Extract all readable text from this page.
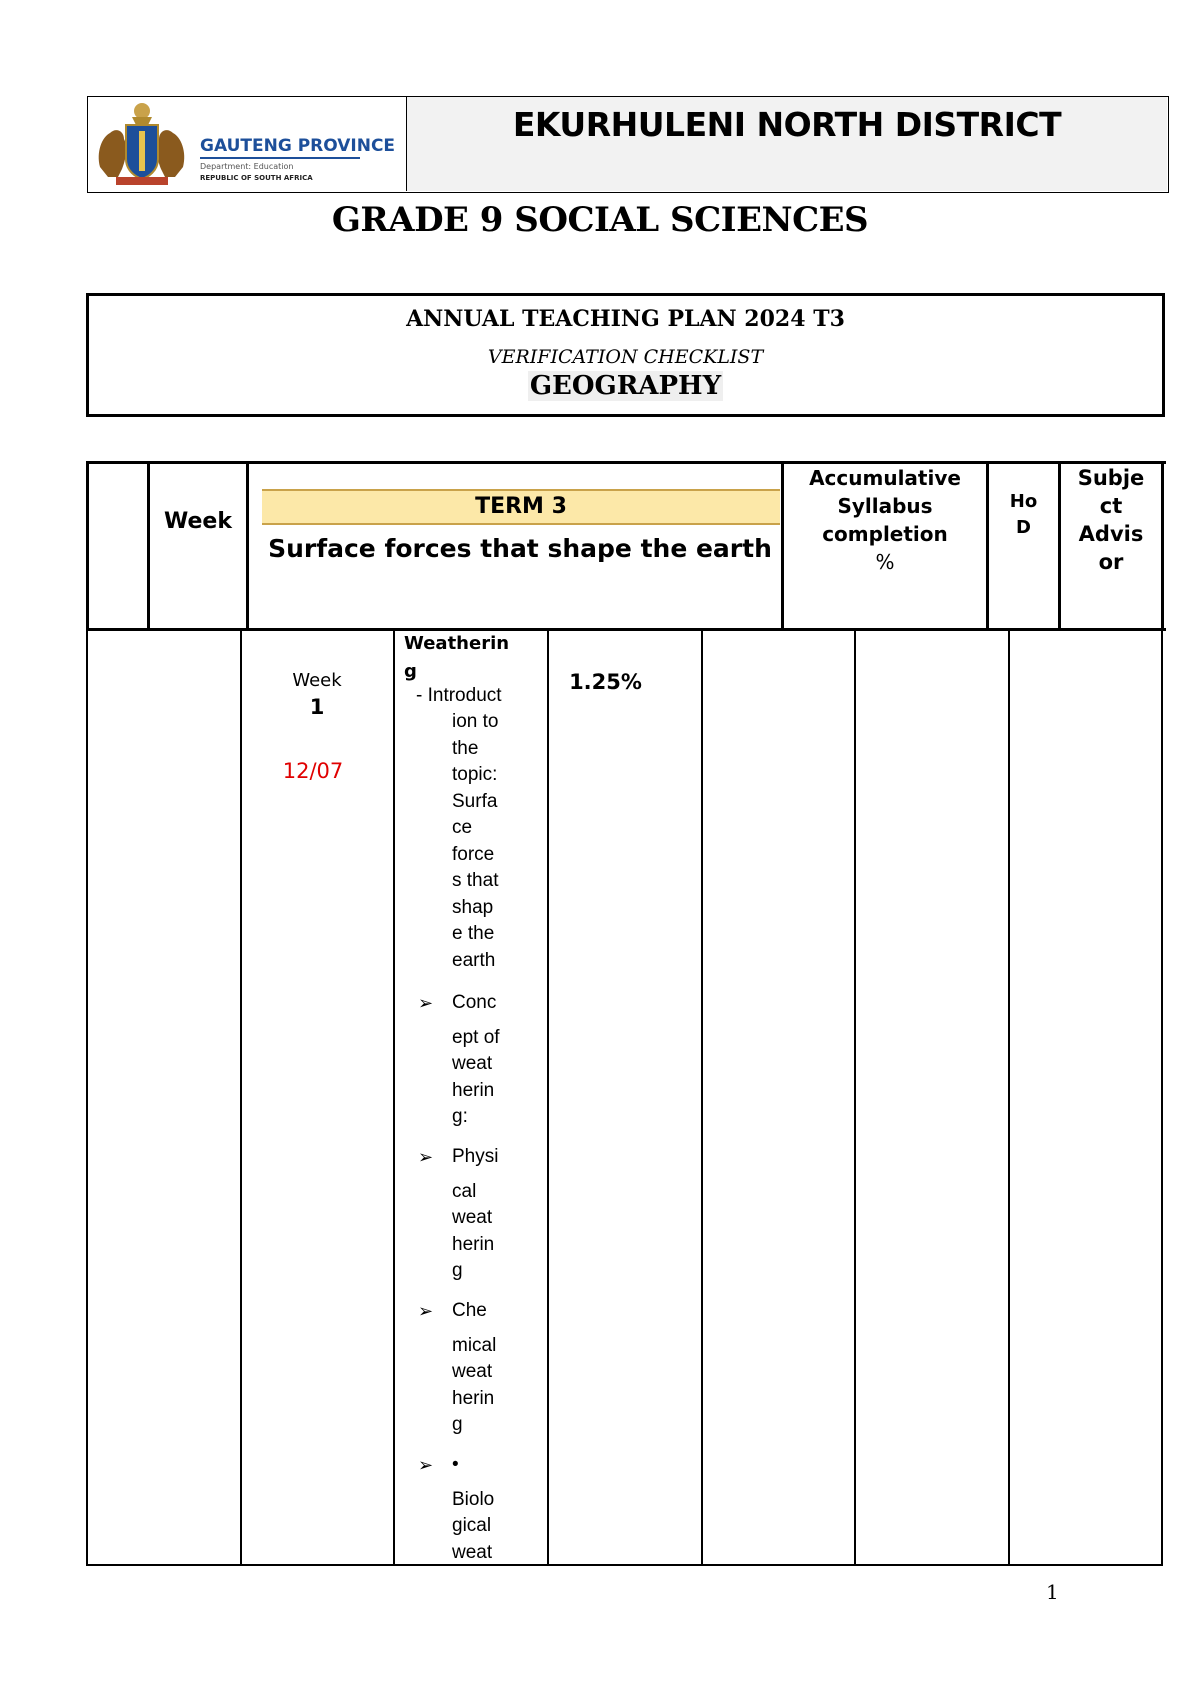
GAUTENG PROVINCE
Department: Education
REPUBLIC OF SOUTH AFRICA
EKURHULENI NORTH DISTRICT
GRADE 9 SOCIAL SCIENCES
ANNUAL TEACHING PLAN 2024 T3
VERIFICATION CHECKLIST
GEOGRAPHY
Week
TERM 3
Surface forces that shape the earth
Accumulative
Syllabus
completion
%
Ho
D
Subje
ct
Advis
or
Week
1
12/07
Weatherin
g
- Introduct
ion to
the
topic:
Surfa
ce
force
s that
shap
e the
earth
➢ Conc
ept of
weat
herin
g:
➢ Physi
cal
weat
herin
g
➢ Che
mical
weat
herin
g
➢ •
Biolo
gical
weat
1.25%
1
